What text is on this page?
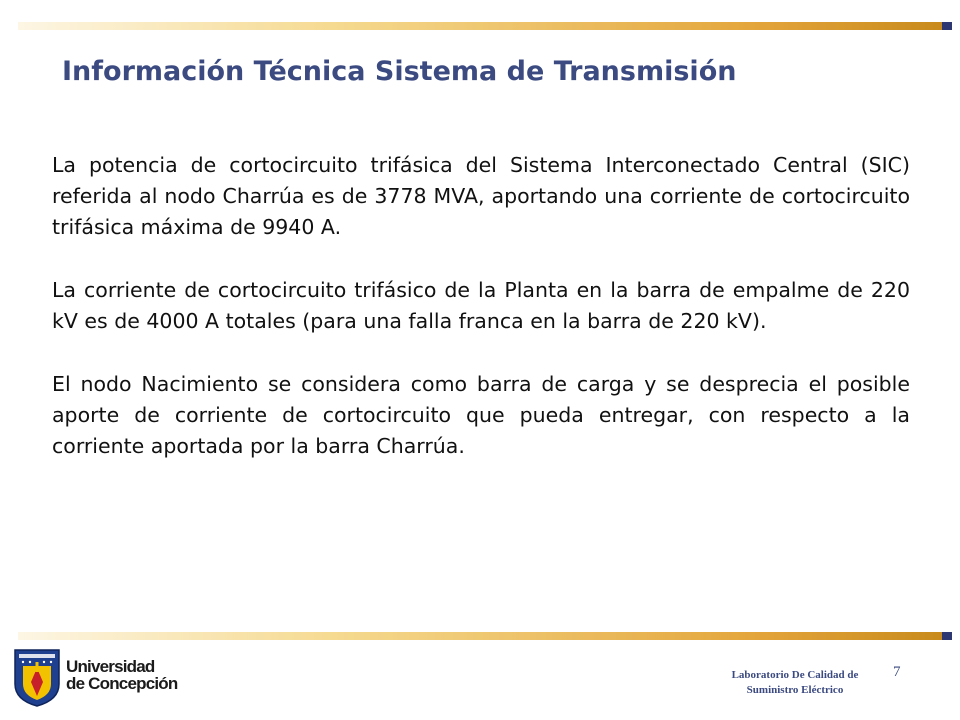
Información Técnica Sistema de Transmisión

La potencia de cortocircuito trifásica del Sistema Interconectado Central (SIC) referida al nodo Charrúa es de 3778 MVA, aportando una corriente de cortocircuito trifásica máxima de 9940 A.

La corriente de cortocircuito trifásico de la Planta en la barra de empalme de 220 kV es de 4000 A totales (para una falla franca en la barra de 220 kV).

El nodo Nacimiento se considera como barra de carga y se desprecia el posible aporte de corriente de cortocircuito que pueda entregar, con respecto a la corriente aportada por la barra Charrúa.

Universidad
de Concepción	Laboratorio De Calidad de
Suministro Eléctrico
7
